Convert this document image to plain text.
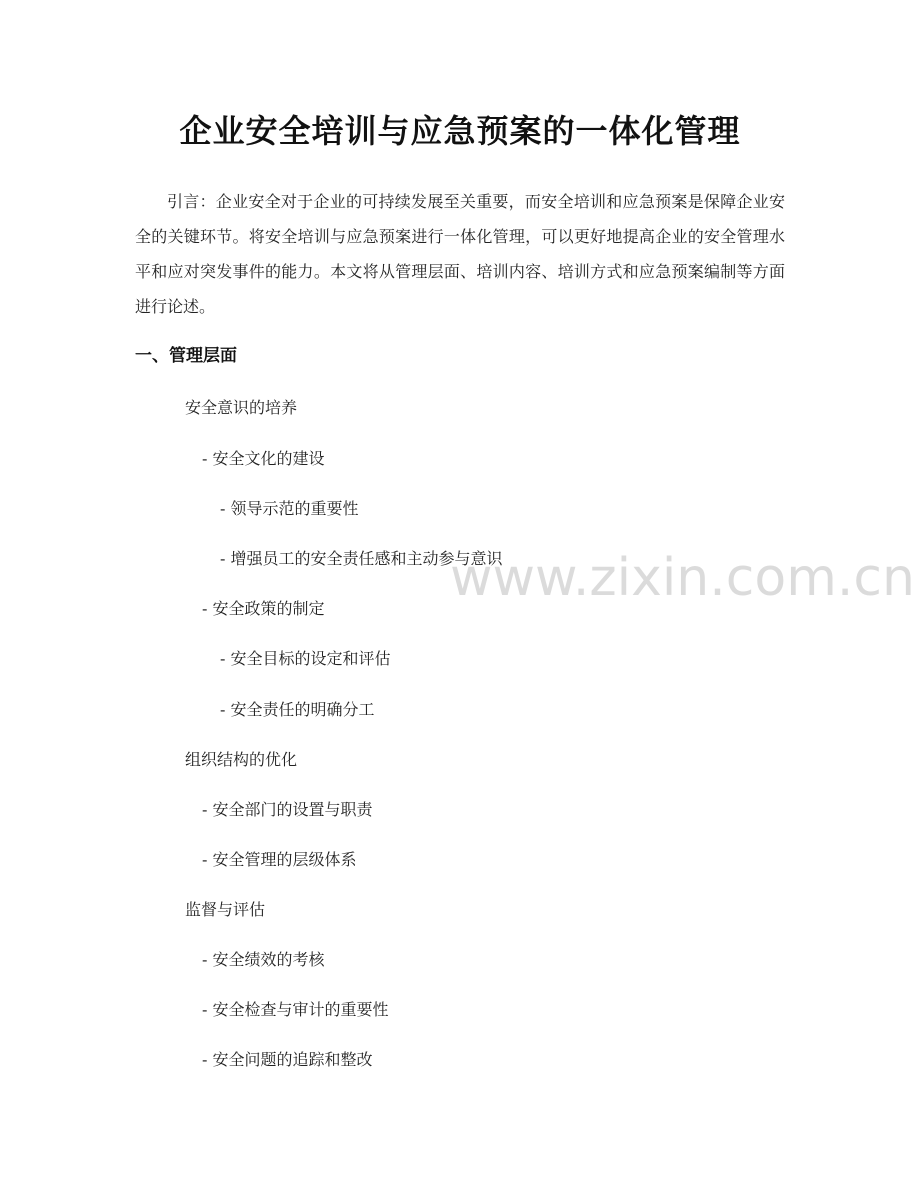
企业安全培训与应急预案的一体化管理

引言：企业安全对于企业的可持续发展至关重要，而安全培训和应急预案是保障企业安全的关键环节。将安全培训与应急预案进行一体化管理，可以更好地提高企业的安全管理水平和应对突发事件的能力。本文将从管理层面、培训内容、培训方式和应急预案编制等方面进行论述。

一、管理层面
安全意识的培养
- 安全文化的建设
- 领导示范的重要性
- 增强员工的安全责任感和主动参与意识
- 安全政策的制定
- 安全目标的设定和评估
- 安全责任的明确分工
组织结构的优化
- 安全部门的设置与职责
- 安全管理的层级体系
监督与评估
- 安全绩效的考核
- 安全检查与审计的重要性
- 安全问题的追踪和整改
www.zixin.com.cn
